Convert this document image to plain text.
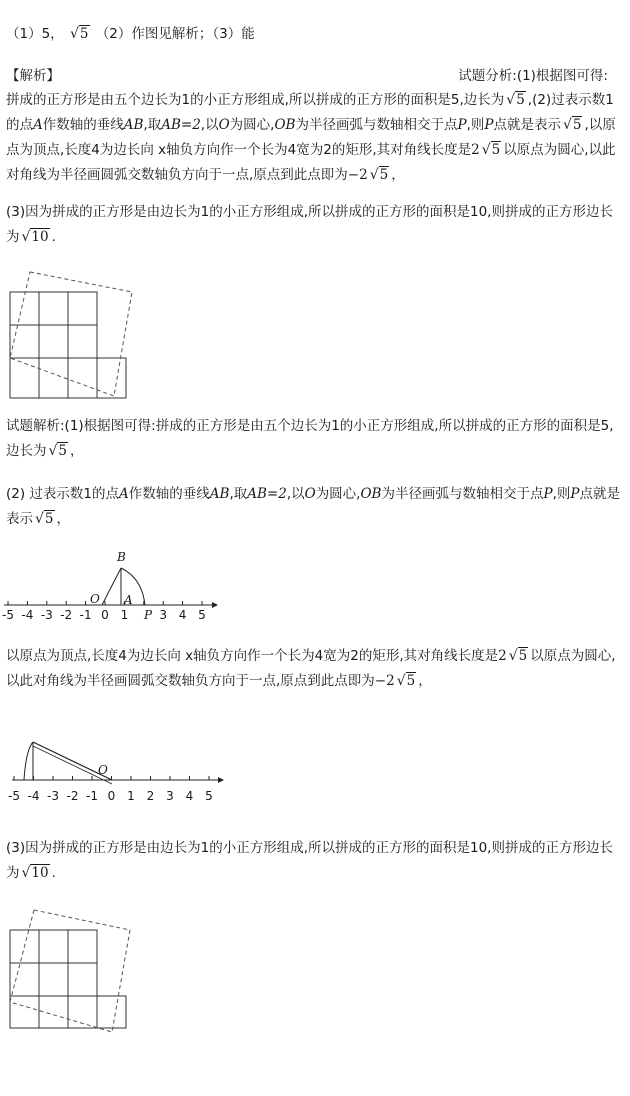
（1）5， √5 （2）作图见解析；（3）能
【解析】	试题分析:(1)根据图可得:
拼成的正方形是由五个边长为1的小正方形组成,所以拼成的正方形的面积是5,边长为 √5 ,(2)过表示数1的点A作数轴的垂线AB,取AB=2,以O为圆心,OB为半径画弧与数轴相交于点P,则P点就是表示 √5 ,以原点为顶点,长度4为边长向 x轴负方向作一个长为4宽为2的矩形,其对角线长度是2 √5 以原点为圆心,以此对角线为半径画圆弧交数轴负方向于一点,原点到此点即为−2 √5 ，
(3)因为拼成的正方形是由边长为1的小正方形组成,所以拼成的正方形的面积是10,则拼成的正方形边长为 √10 .
试题解析:(1)根据图可得:拼成的正方形是由五个边长为1的小正方形组成,所以拼成的正方形的面积是5,边长为 √5 ，
(2) 过表示数1的点A作数轴的垂线AB,取AB=2,以O为圆心,OB为半径画弧与数轴相交于点P,则P点就是表示 √5 ，
-5 -4 -3 -2 -1 0 1	3 4 5
B
O A
P
以原点为顶点,长度4为边长向 x轴负方向作一个长为4宽为2的矩形,其对角线长度是2 √5 以原点为圆心,以此对角线为半径画圆弧交数轴负方向于一点,原点到此点即为−2 √5 ，
-5 -4 -3 -2 -1 0 1 2 3 4 5
O
(3)因为拼成的正方形是由边长为1的小正方形组成,所以拼成的正方形的面积是10,则拼成的正方形边长为 √10 .
